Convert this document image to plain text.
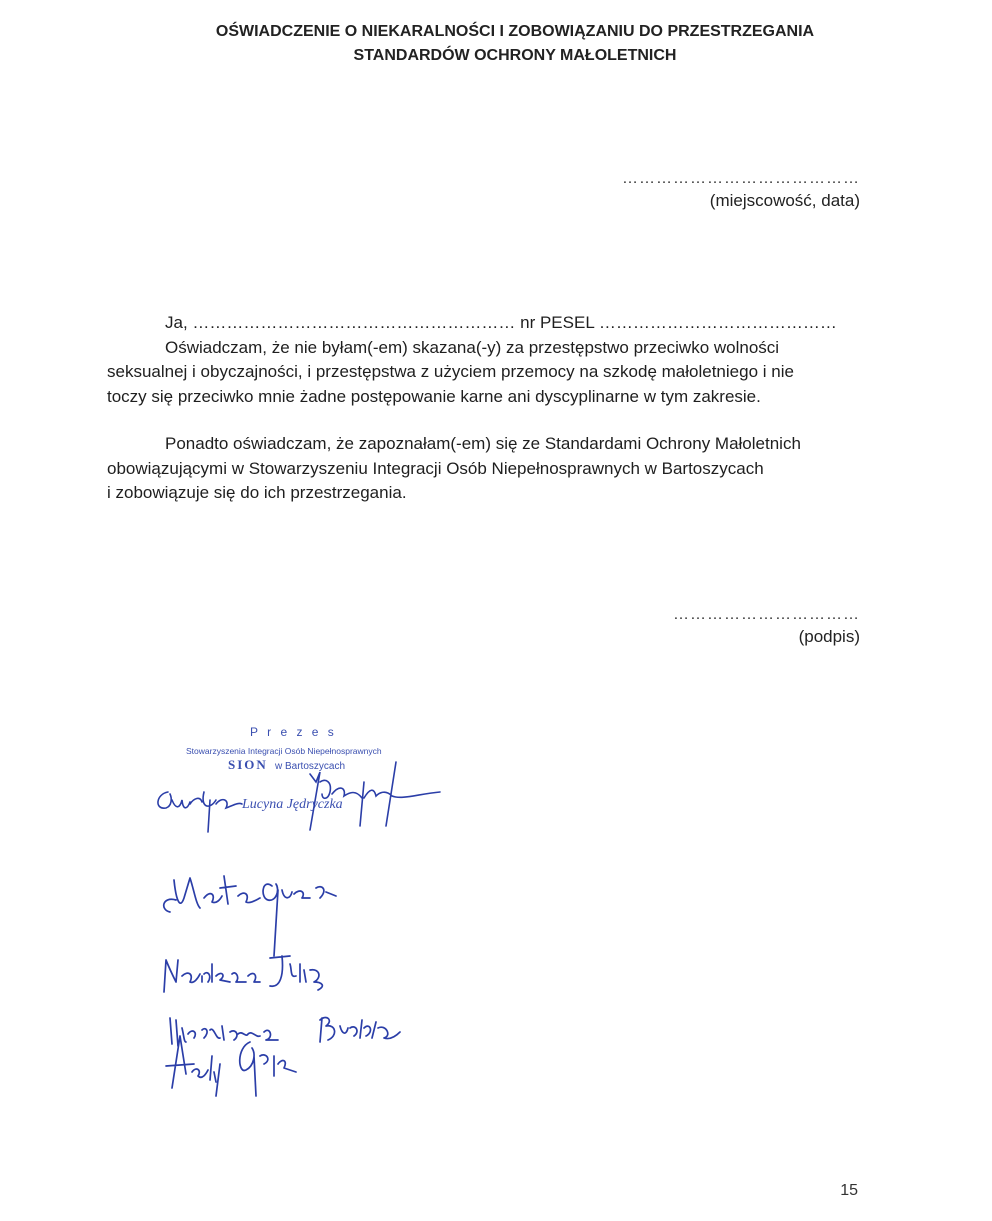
OŚWIADCZENIE O NIEKARALNOŚCI I ZOBOWIĄZANIU DO PRZESTRZEGANIA
STANDARDÓW OCHRONY MAŁOLETNICH
……………………………………
(miejscowość, data)
Ja, ………………………………………………… nr PESEL ……………………………………
Oświadczam, że nie byłam(-em) skazana(-y) za przestępstwo przeciwko wolności
seksualnej i obyczajności, i przestępstwa z użyciem przemocy na szkodę małoletniego i nie
toczy się przeciwko mnie żadne postępowanie karne ani dyscyplinarne w tym zakresie.
Ponadto oświadczam, że zapoznałam(-em) się ze Standardami Ochrony Małoletnich
obowiązującymi w Stowarzyszeniu Integracji Osób Niepełnosprawnych w Bartoszycach
i zobowiązuje się do ich przestrzegania.
……………………………
(podpis)
P r e z e s
Stowarzyszenia Integracji Osób Niepełnosprawnych
SION w Bartoszycach
Lucyna Jędryczka
15
